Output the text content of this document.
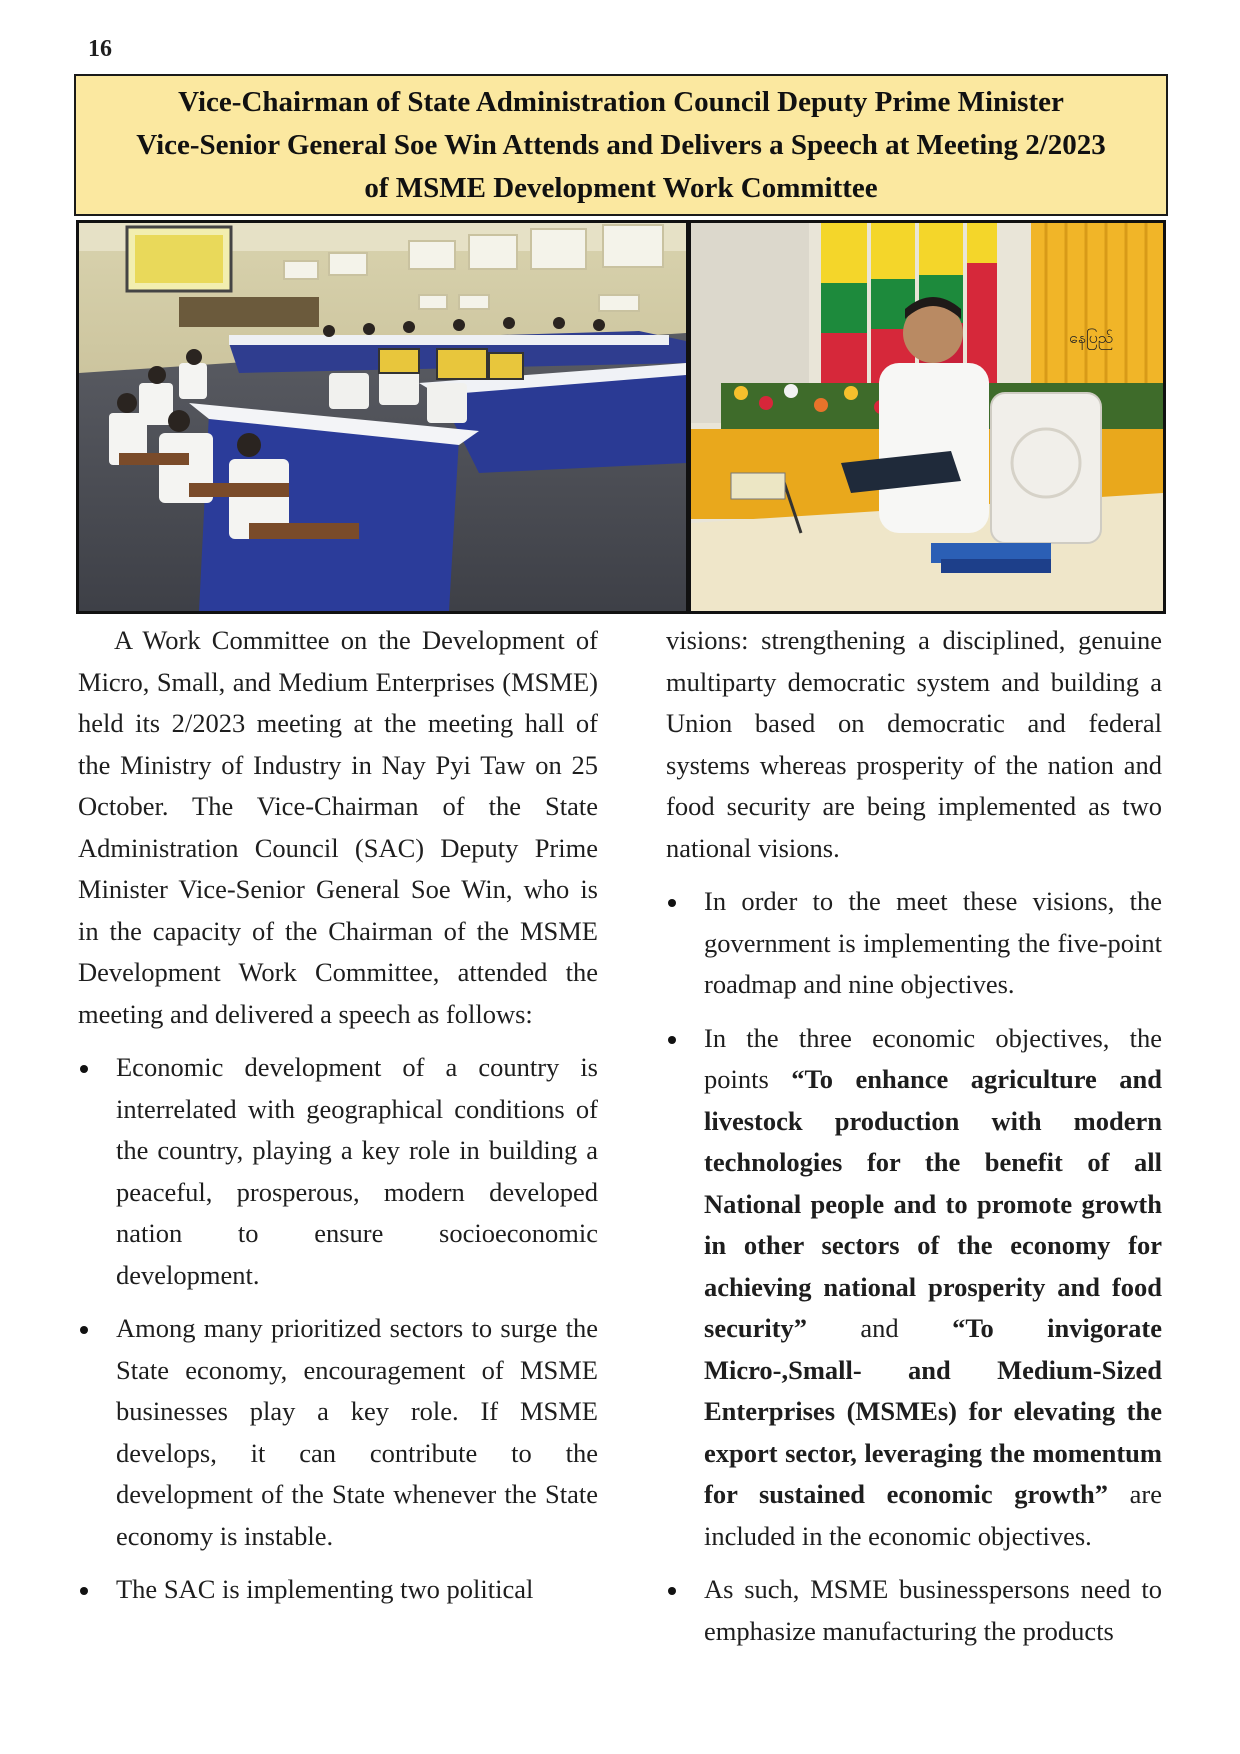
16
Vice-Chairman of State Administration Council Deputy Prime Minister
Vice-Senior General Soe Win Attends and Delivers a Speech at Meeting 2/2023
of MSME Development Work Committee
နေပြည်

A Work Committee on the Development of Micro, Small, and Medium Enterprises (MSME) held its 2/2023 meeting at the meeting hall of the Ministry of Industry in Nay Pyi Taw on 25 October. The Vice-Chairman of the State Administration Council (SAC) Deputy Prime Minister Vice-Senior General Soe Win, who is in the capacity of the Chairman of the MSME Development Work Committee, attended the meeting and delivered a speech as follows:

Economic development of a country is interrelated with geographical conditions of the country, playing a key role in building a peaceful, prosperous, modern developed nation to ensure socioeconomic development.
Among many prioritized sectors to surge the State economy, encouragement of MSME businesses play a key role. If MSME develops, it can contribute to the development of the State whenever the State economy is instable.
The SAC is implementing two political

visions: strengthening a disciplined, genuine multiparty democratic system and building a Union based on democratic and federal systems whereas prosperity of the nation and food security are being implemented as two national visions.

In order to the meet these visions, the government is implementing the five-point roadmap and nine objectives.
In the three economic objectives, the points “To enhance agriculture and livestock production with modern technologies for the benefit of all National people and to promote growth in other sectors of the economy for achieving national prosperity and food security” and “To invigorate Micro-,Small- and Medium-Sized Enterprises (MSMEs) for elevating the export sector, leveraging the momentum for sustained economic growth” are included in the economic objectives.
As such, MSME businesspersons need to emphasize manufacturing the products
